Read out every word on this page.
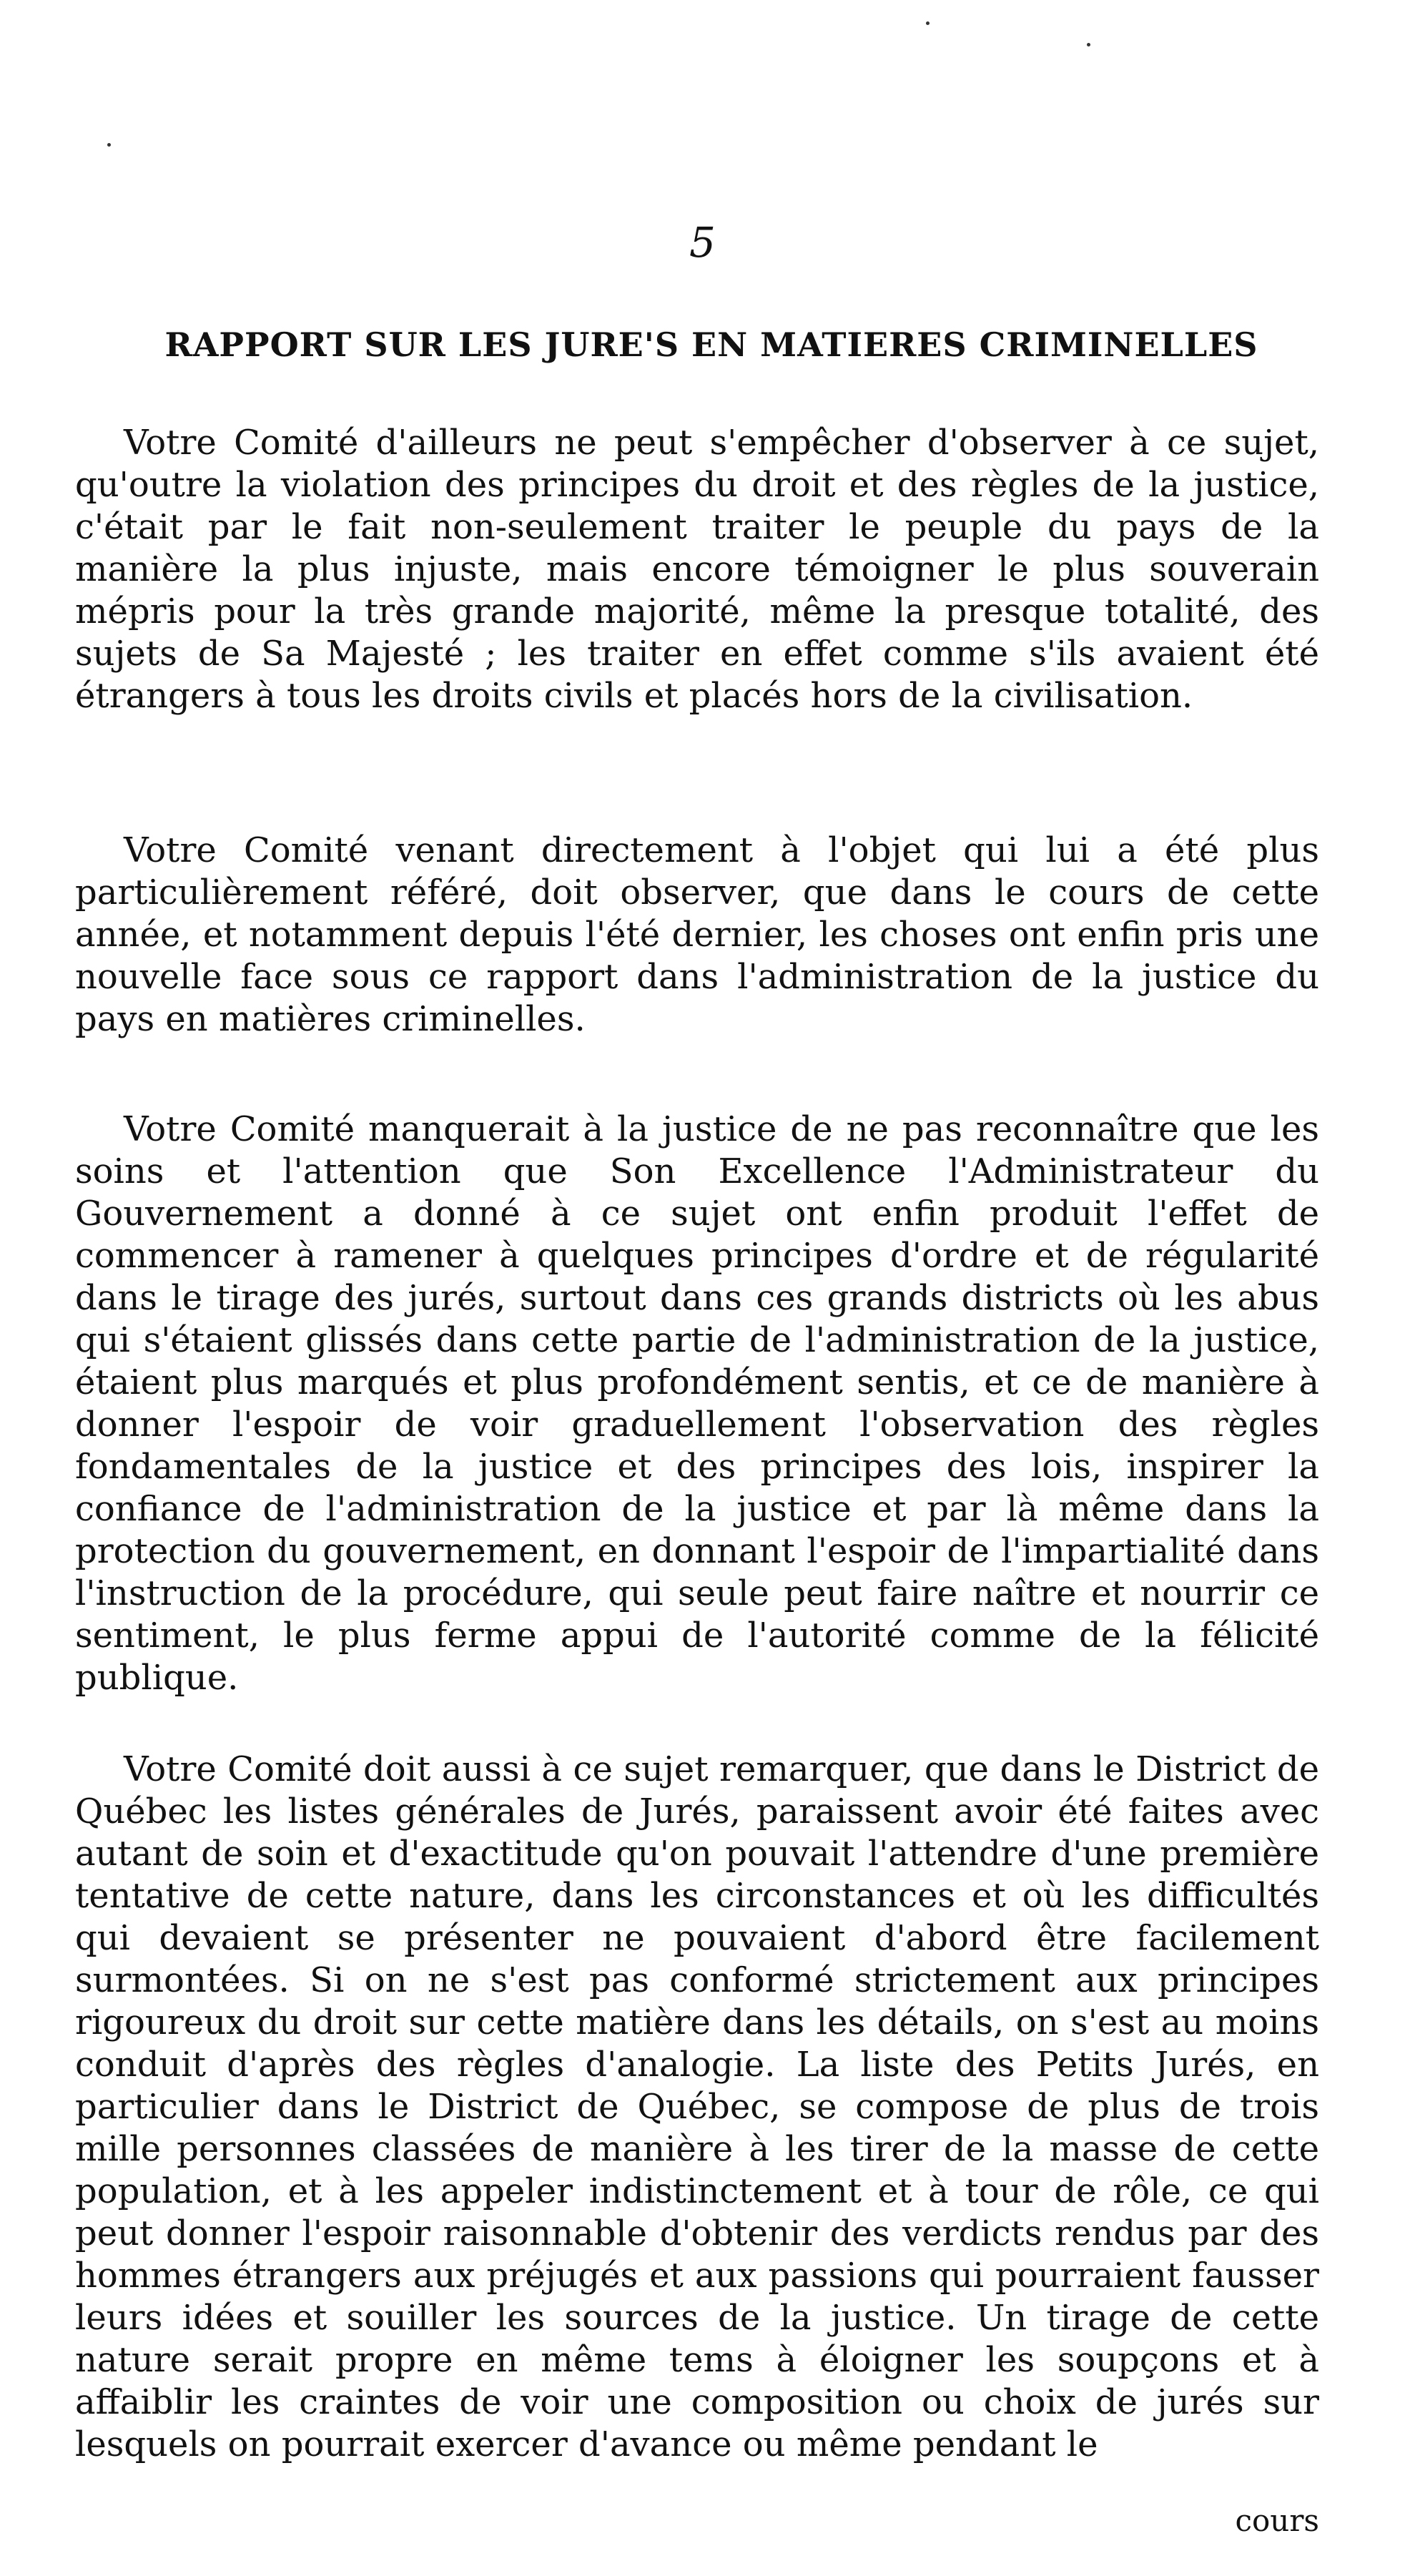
5
RAPPORT SUR LES JURE'S EN MATIERES CRIMINELLES

Votre Comité d'ailleurs ne peut s'empêcher d'observer à ce sujet, qu'outre la violation des principes du droit et des règles de la justice, c'était par le fait non-seulement traiter le peuple du pays de la manière la plus injuste, mais encore témoigner le plus souverain mépris pour la très grande majorité, même la presque totalité, des sujets de Sa Majesté ; les traiter en effet comme s'ils avaient été étrangers à tous les droits civils et placés hors de la civilisation.

Votre Comité venant directement à l'objet qui lui a été plus particulièrement référé, doit observer, que dans le cours de cette année, et notamment depuis l'été dernier, les choses ont enfin pris une nouvelle face sous ce rapport dans l'administration de la justice du pays en matières criminelles.

Votre Comité manquerait à la justice de ne pas reconnaître que les soins et l'attention que Son Excellence l'Administrateur du Gouvernement a donné à ce sujet ont enfin produit l'effet de commencer à ramener à quelques principes d'ordre et de régularité dans le tirage des jurés, surtout dans ces grands districts où les abus qui s'étaient glissés dans cette partie de l'administration de la justice, étaient plus marqués et plus profondément sentis, et ce de manière à donner l'espoir de voir graduellement l'observation des règles fondamentales de la justice et des principes des lois, inspirer la confiance de l'administration de la justice et par là même dans la protection du gouvernement, en donnant l'espoir de l'impartialité dans l'instruction de la procédure, qui seule peut faire naître et nourrir ce sentiment, le plus ferme appui de l'autorité comme de la félicité publique.

Votre Comité doit aussi à ce sujet remarquer, que dans le District de Québec les listes générales de Jurés, paraissent avoir été faites avec autant de soin et d'exactitude qu'on pouvait l'attendre d'une première tentative de cette nature, dans les circonstances et où les difficultés qui devaient se présenter ne pouvaient d'abord être facilement surmontées. Si on ne s'est pas conformé strictement aux principes rigoureux du droit sur cette matière dans les détails, on s'est au moins conduit d'après des règles d'analogie. La liste des Petits Jurés, en particulier dans le District de Québec, se compose de plus de trois mille personnes classées de manière à les tirer de la masse de cette population, et à les appeler indistinctement et à tour de rôle, ce qui peut donner l'espoir raisonnable d'obtenir des verdicts rendus par des hommes étrangers aux préjugés et aux passions qui pourraient fausser leurs idées et souiller les sources de la justice. Un tirage de cette nature serait propre en même tems à éloigner les soupçons et à affaiblir les craintes de voir une composition ou choix de jurés sur lesquels on pourrait exercer d'avance ou même pendant le

cours
